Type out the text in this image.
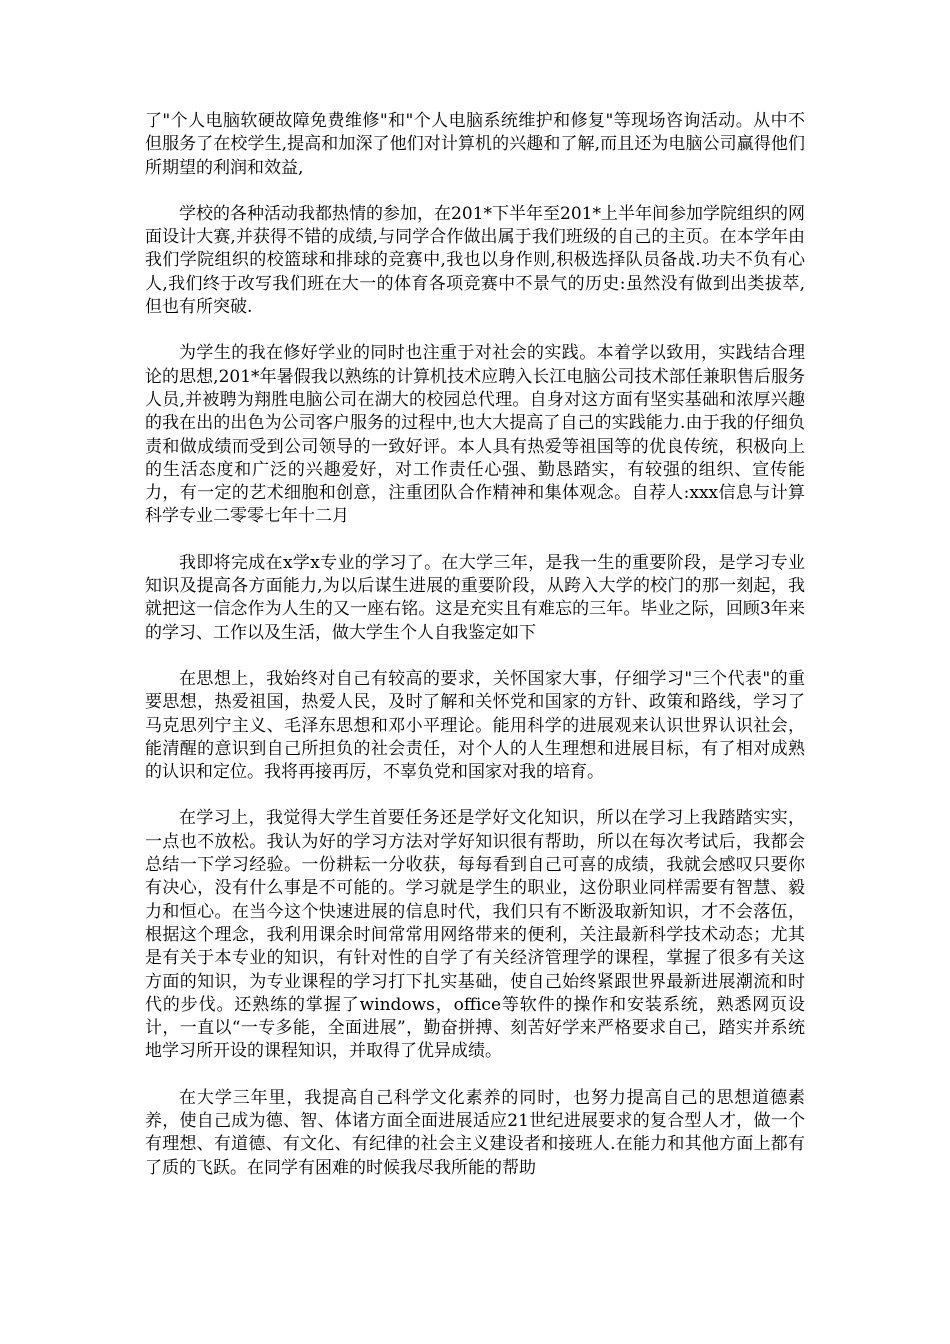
了"个人电脑软硬故障免费维修"和"个人电脑系统维护和修复"等现场咨询活动。从中不但服务了在校学生,提高和加深了他们对计算机的兴趣和了解,而且还为电脑公司赢得他们所期望的利润和效益,

学校的各种活动我都热情的参加，在201*下半年至201*上半年间参加学院组织的网面设计大赛,并获得不错的成绩,与同学合作做出属于我们班级的自己的主页。在本学年由我们学院组织的校篮球和排球的竞赛中,我也以身作则,积极选择队员备战.功夫不负有心人,我们终于改写我们班在大一的体育各项竞赛中不景气的历史:虽然没有做到出类拔萃,但也有所突破.

为学生的我在修好学业的同时也注重于对社会的实践。本着学以致用，实践结合理论的思想,201*年暑假我以熟练的计算机技术应聘入长江电脑公司技术部任兼职售后服务人员,并被聘为翔胜电脑公司在湖大的校园总代理。自身对这方面有坚实基础和浓厚兴趣的我在出的出色为公司客户服务的过程中,也大大提高了自己的实践能力.由于我的仔细负责和做成绩而受到公司领导的一致好评。本人具有热爱等祖国等的优良传统，积极向上的生活态度和广泛的兴趣爱好，对工作责任心强、勤恳踏实，有较强的组织、宣传能力，有一定的艺术细胞和创意，注重团队合作精神和集体观念。自荐人:xxx信息与计算科学专业二零零七年十二月

我即将完成在x学x专业的学习了。在大学三年，是我一生的重要阶段，是学习专业知识及提高各方面能力,为以后谋生进展的重要阶段，从跨入大学的校门的那一刻起，我就把这一信念作为人生的又一座右铭。这是充实且有难忘的三年。毕业之际，回顾3年来的学习、工作以及生活，做大学生个人自我鉴定如下

在思想上，我始终对自己有较高的要求，关怀国家大事，仔细学习"三个代表"的重要思想，热爱祖国，热爱人民，及时了解和关怀党和国家的方针、政策和路线，学习了马克思列宁主义、毛泽东思想和邓小平理论。能用科学的进展观来认识世界认识社会，能清醒的意识到自己所担负的社会责任，对个人的人生理想和进展目标，有了相对成熟的认识和定位。我将再接再厉，不辜负党和国家对我的培育。

在学习上，我觉得大学生首要任务还是学好文化知识，所以在学习上我踏踏实实，一点也不放松。我认为好的学习方法对学好知识很有帮助，所以在每次考试后，我都会总结一下学习经验。一份耕耘一分收获，每每看到自己可喜的成绩，我就会感叹只要你有决心，没有什么事是不可能的。学习就是学生的职业，这份职业同样需要有智慧、毅力和恒心。在当今这个快速进展的信息时代，我们只有不断汲取新知识，才不会落伍，根据这个理念，我利用课余时间常常用网络带来的便利，关注最新科学技术动态；尤其是有关于本专业的知识，有针对性的自学了有关经济管理学的课程，掌握了很多有关这方面的知识，为专业课程的学习打下扎实基础，使自己始终紧跟世界最新进展潮流和时代的步伐。还熟练的掌握了windows，office等软件的操作和安装系统，熟悉网页设计，一直以“一专多能，全面进展”，勤奋拼搏、刻苦好学来严格要求自己，踏实并系统地学习所开设的课程知识，并取得了优异成绩。

在大学三年里，我提高自己科学文化素养的同时，也努力提高自己的思想道德素养，使自己成为德、智、体诸方面全面进展适应21世纪进展要求的复合型人才，做一个有理想、有道德、有文化、有纪律的社会主义建设者和接班人.在能力和其他方面上都有了质的飞跃。在同学有困难的时候我尽我所能的帮助
